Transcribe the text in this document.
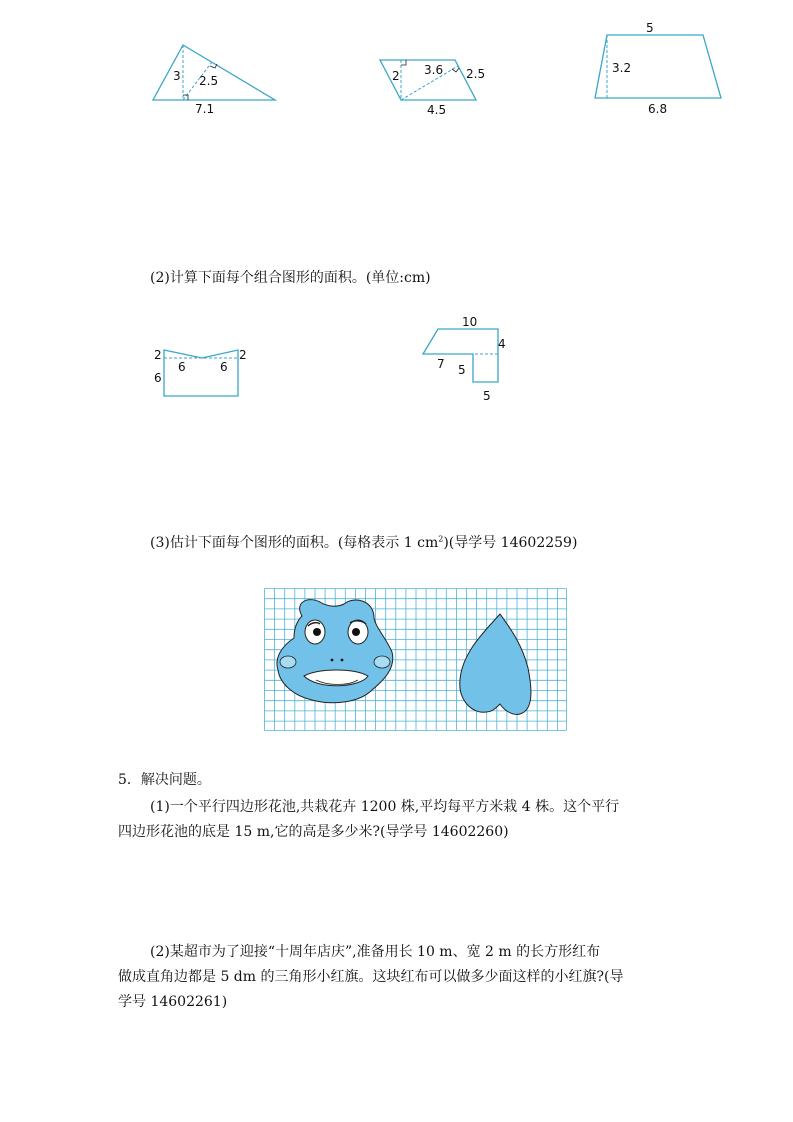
3 2.5
7.1
2 3.6 2.5
4.5
5
3.2
6.8
(2)计算下面每个组合图形的面积。(单位:cm)
2	2
6
6	6
10
4
7 5
5
(3)估计下面每个图形的面积。(每格表示 1 $cm^2$)(导学号 14602259)
5．解决问题。
(1)一个平行四边形花池,共栽花卉 1200 株,平均每平方米栽 4 株。这个平行
四边形花池的底是 15 m,它的高是多少米?(导学号 14602260)
(2)某超市为了迎接“十周年店庆”,准备用长 10 m、宽 2 m 的长方形红布
做成直角边都是 5 dm 的三角形小红旗。这块红布可以做多少面这样的小红旗?(导
学号 14602261)
